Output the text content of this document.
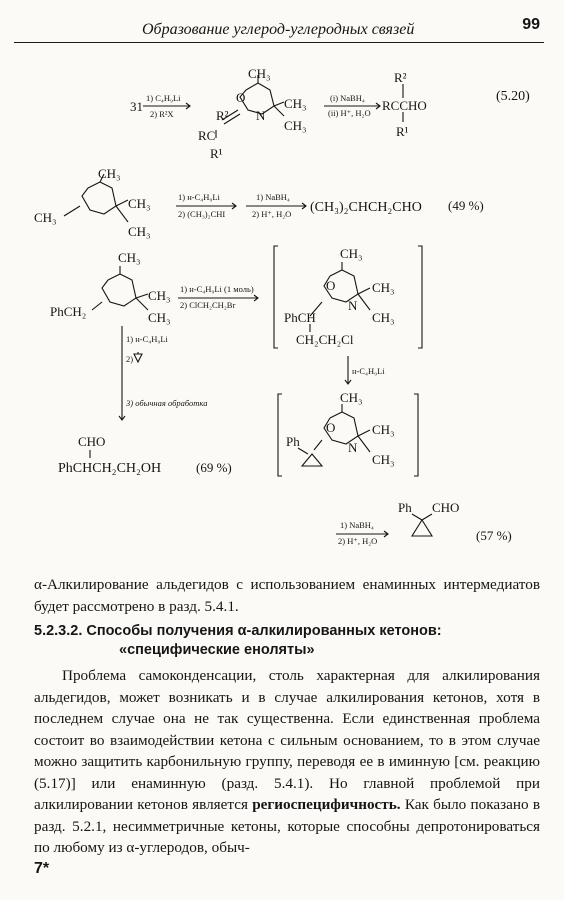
Образование углерод-углеродных связей	99
31
1) C₄H₉Li
2) R²X
CH₃
O
N
CH₃
CH₃
R²
RC
R¹
(i) NaBH₄
(ii) H⁺, H₂O
R²
RCCHO
R¹
(5.20)
CH₃
CH₃
CH₃
CH₃
1) н-C₄H₉Li
2) (CH₃)₂CHI
1) NaBH₄
2) H⁺, H₂O (CH₃)₂CHCH₂CHO (49 %)
CH₃
CH₃
CH₃
PhCH₂
1) н-C₄H₉Li (1 моль)
2) ClCH₂CH₂Br
1) н-C₄H₉Li
2)
3) обычная обработка
CH₃
O
N
CH₃
CH₃
PhCH
CH₂CH₂Cl
н-C₄H₉Li
CH₃
O
N
CH₃
CH₃
Ph
CHO
PhCHCH₂CH₂OH	(69 %)
Ph CHO
1) NaBH₄
2) H⁺, H₂O	(57 %)

α-Алкилирование альдегидов с использованием енаминных интермедиатов будет рассмотрено в разд. 5.4.1.

5.2.3.2. Способы получения α-алкилированных кетонов:
«специфические еноляты»

Проблема самоконденсации, столь характерная для алкилирования альдегидов, может возникать и в случае алкилирования кетонов, хотя в последнем случае она не так существенна. Если единственная проблема состоит во взаимодействии кетона с сильным основанием, то в этом случае можно защитить карбонильную группу, переводя ее в иминную [см. реакцию (5.17)] или енаминную (разд. 5.4.1). Но главной проблемой при алкилировании кетонов является региоспецифичность. Как было показано в разд. 5.2.1, несимметричные кетоны, которые способны депротонироваться по любому из α-углеродов, обыч-

7*
